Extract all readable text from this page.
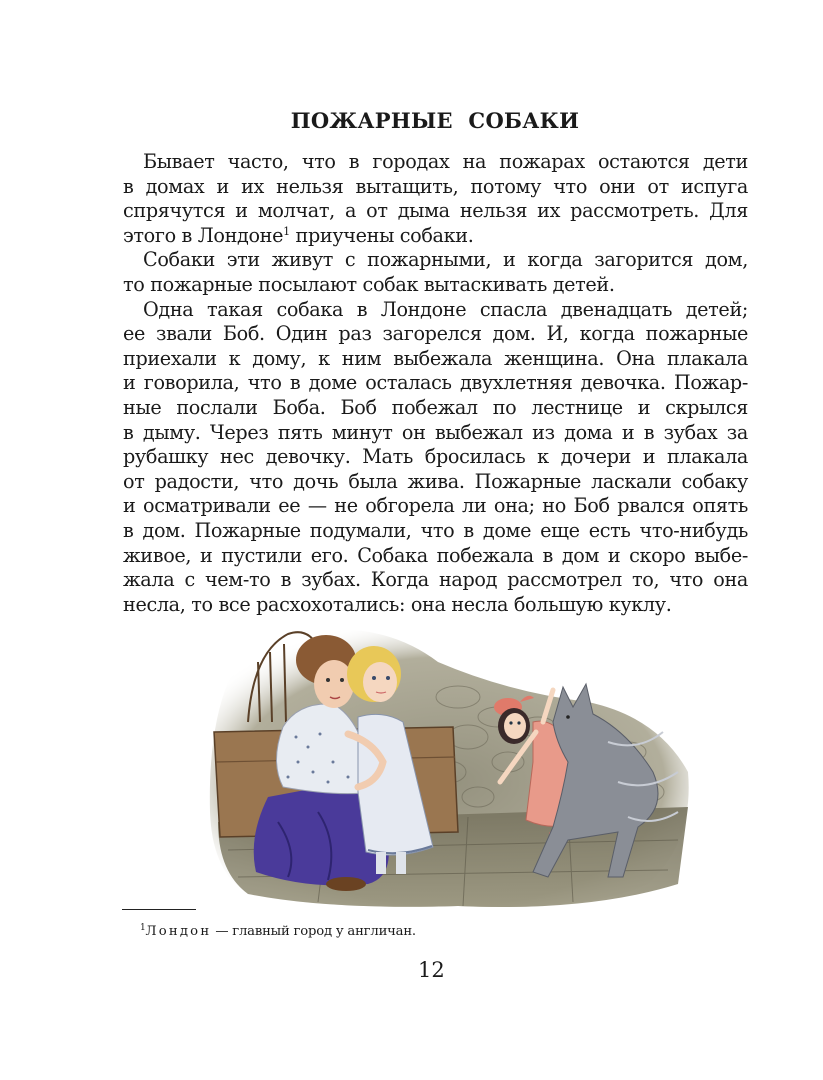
ПОЖАРНЫЕ СОБАКИ
Бывает часто, что в городах на пожарах остаются дети
в домах и их нельзя вытащить, потому что они от испуга
спрячутся и молчат, а от дыма нельзя их рассмотреть. Для
этого в Лондоне$^1$ приучены собаки.
Собаки эти живут с пожарными, и когда загорится дом,
то пожарные посылают собак вытаскивать детей.
Одна такая собака в Лондоне спасла двенадцать детей;
ее звали Боб. Один раз загорелся дом. И, когда пожарные
приехали к дому, к ним выбежала женщина. Она плакала
и говорила, что в доме осталась двухлетняя девочка. Пожар-
ные послали Боба. Боб побежал по лестнице и скрылся
в дыму. Через пять минут он выбежал из дома и в зубах за
рубашку нес девочку. Мать бросилась к дочери и плакала
от радости, что дочь была жива. Пожарные ласкали собаку
и осматривали ее — не обгорела ли она; но Боб рвался опять
в дом. Пожарные подумали, что в доме еще есть что-нибудь
живое, и пустили его. Собака побежала в дом и скоро выбе-
жала с чем-то в зубах. Когда народ рассмотрел то, что она
несла, то все расхохотались: она несла большую куклу.
$^1$Лондон — главный город у англичан.
12
